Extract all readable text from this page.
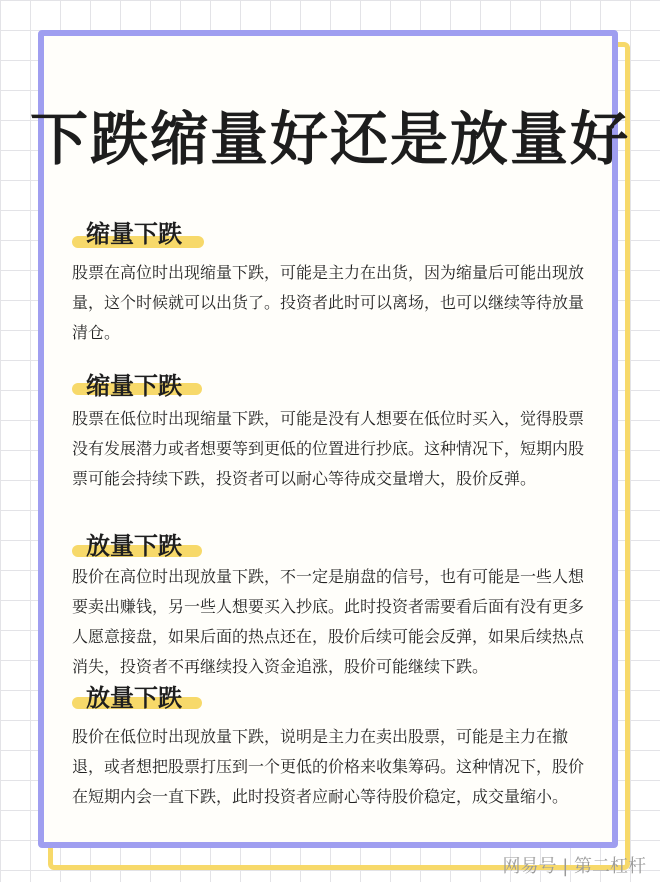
下跌缩量好还是放量好
缩量下跌

股票在高位时出现缩量下跌，可能是主力在出货，因为缩量后可能出现放量，这个时候就可以出货了。投资者此时可以离场，也可以继续等待放量清仓。

缩量下跌

股票在低位时出现缩量下跌，可能是没有人想要在低位时买入，觉得股票没有发展潜力或者想要等到更低的位置进行抄底。这种情况下，短期内股票可能会持续下跌，投资者可以耐心等待成交量增大，股价反弹。

放量下跌

股价在高位时出现放量下跌，不一定是崩盘的信号，也有可能是一些人想要卖出赚钱，另一些人想要买入抄底。此时投资者需要看后面有没有更多人愿意接盘，如果后面的热点还在，股价后续可能会反弹，如果后续热点消失，投资者不再继续投入资金追涨，股价可能继续下跌。

放量下跌

股价在低位时出现放量下跌，说明是主力在卖出股票，可能是主力在撤退，或者想把股票打压到一个更低的价格来收集筹码。这种情况下，股价在短期内会一直下跌，此时投资者应耐心等待股价稳定，成交量缩小。

网易号 | 第二杠杆
